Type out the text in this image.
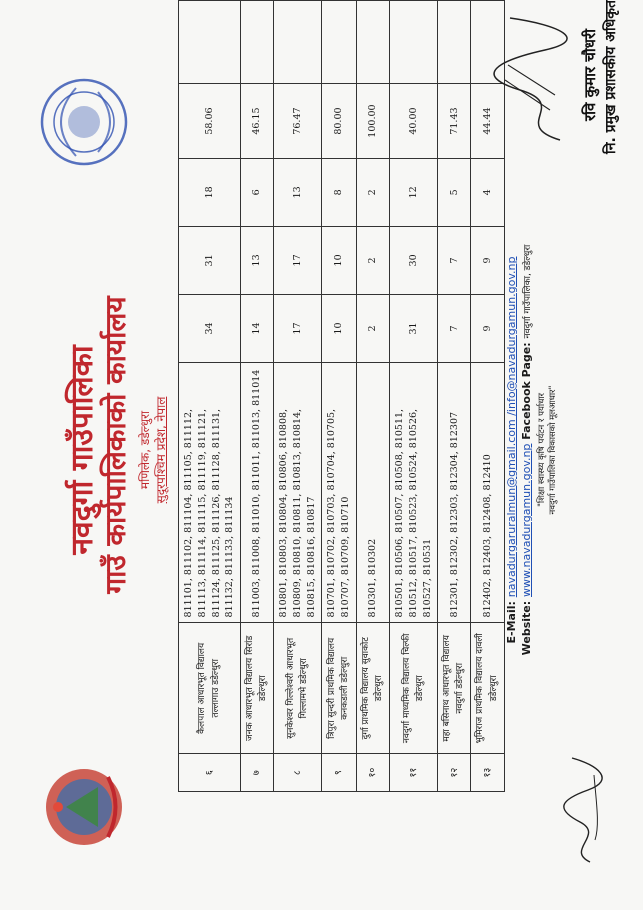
नवदुर्गा गाउँपालिका गाउँ कार्यपालिकाको कार्यालय मणिलेक, डडेल्धुरा सुदूरपश्चिम प्रदेश, नेपाल
६	कैलपाल आधारभूत विद्यालय तल्लागाउ डडेल्धुरा	811101, 811102, 811104, 811105, 811112, 811113, 811114, 811115, 811119, 811121, 811124, 811125, 811126, 811128, 811131, 811132, 811133, 811134	34	31	18	58.06	
७	जनक आधारभूत विद्यालय सिरांड डडेल्धुरा	811003, 811008, 811010, 811011, 811013, 811014	14	13	6	46.15	
८	सुनकेश्वर गिल्लेश्वरी आधारभूत गिल्लामभे डडेल्धुरा	810801, 810803, 810804, 810806, 810808, 810809, 810810, 810811, 810813, 810814, 810815, 810816, 810817	17	17	13	76.47	
९	त्रिपुरा सुन्दरी प्राथमिक विद्यालय कनकडाली डडेल्धुरा	810701, 810702, 810703, 810704, 810705, 810707, 810709, 810710	10	10	8	80.00	
१०	दुर्गा प्राथमिक विद्यालय सुवाकोट डडेल्धुरा	810301, 810302	2	2	2	100.00	
११	नवदुर्गा माध्यमिक विद्यालय चिल्फी डडेल्धुरा	810501, 810506, 810507, 810508, 810511, 810512, 810517, 810523, 810524, 810526, 810527, 810531	31	30	12	40.00	
१२	महा बसिनाथ आधारभूत विद्यालय नवदुर्गा डडेल्धुरा	812301, 812302, 812303, 812304, 812307	7	7	5	71.43	
१३	भुमिराज प्राथमिक विद्यालय दावली डडेल्धुरा	812402, 812403, 812408, 812410	9	9	4	44.44	
E-Mail: navadurgaruralmun@gmail.com /info@navadurgamun.gov.np
Website: www.navadurgamun.gov.np Facebook Page: नवदुर्गा गाउँपालिका, डडेल्धुरा
"शिक्षा स्वास्थ्य कृषि पर्यटन र पर्याधार नवदुर्गा गाउँपालिका विकासको मूलआधार"
रवि कुमार चौधरी नि. प्रमुख प्रशासकीय अधिकृत
